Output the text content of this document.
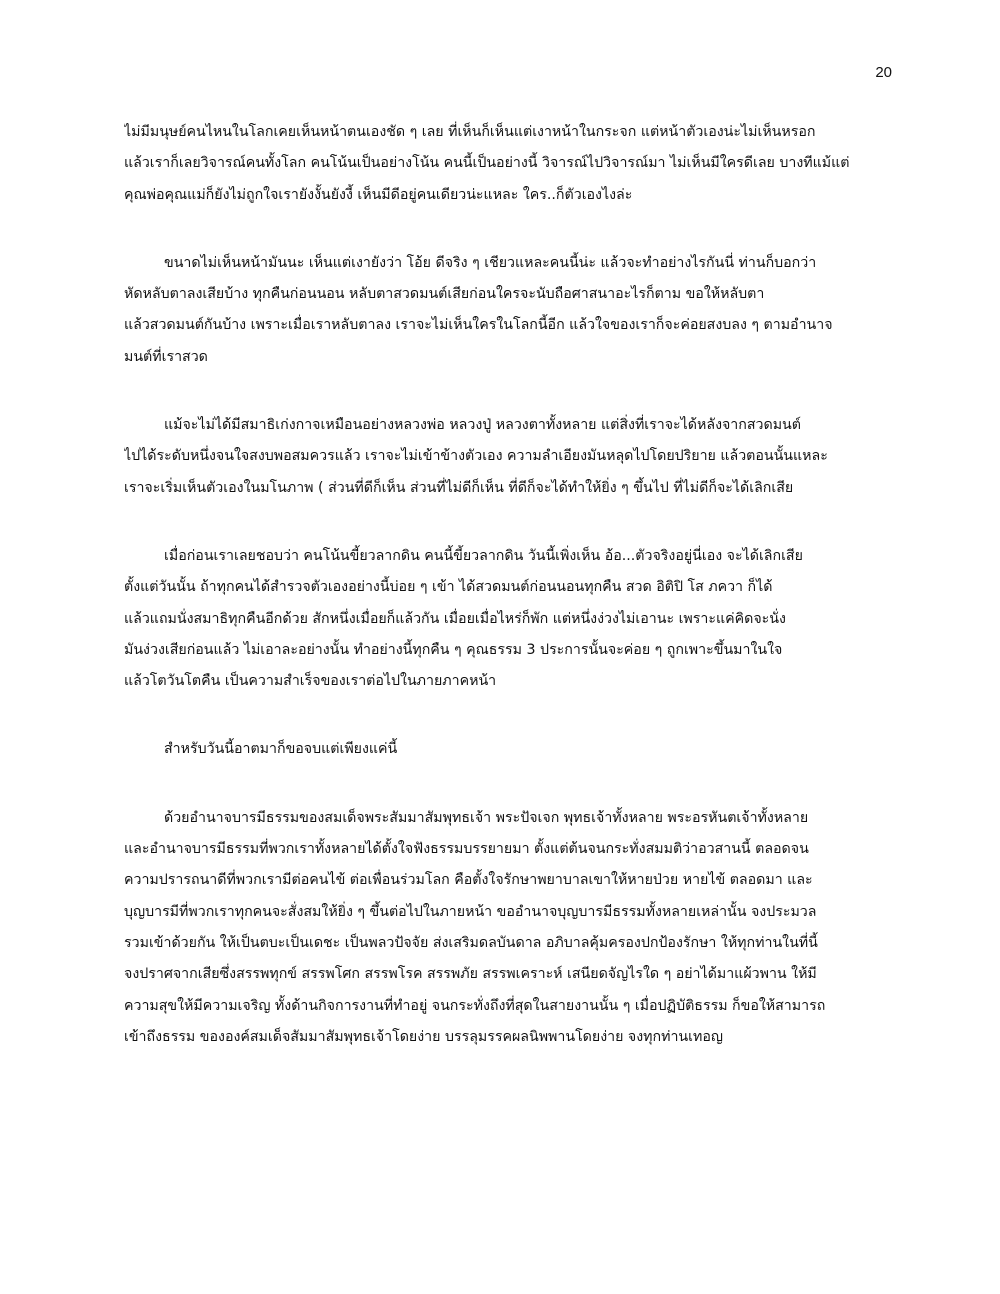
20
ไม่มีมนุษย์คนไหนในโลกเคยเห็นหน้าตนเองชัด ๆ เลย ที่เห็นก็เห็นแต่เงาหน้าในกระจก แต่หน้าตัวเองน่ะไม่เห็นหรอก
แล้วเราก็เลยวิจารณ์คนทั้งโลก คนโน้นเป็นอย่างโน้น คนนี้เป็นอย่างนี้ วิจารณ์ไปวิจารณ์มา ไม่เห็นมีใครดีเลย บางทีแม้แต่
คุณพ่อคุณแม่ก็ยังไม่ถูกใจเรายังงั้นยังงี้ เห็นมีดีอยู่คนเดียวน่ะแหละ ใคร..ก็ตัวเองไงล่ะ
ขนาดไม่เห็นหน้ามันนะ เห็นแต่เงายังว่า โอ้ย ดีจริง ๆ เชียวแหละคนนี้น่ะ แล้วจะทำอย่างไรกันนี่ ท่านก็บอกว่า
หัดหลับตาลงเสียบ้าง ทุกคืนก่อนนอน หลับตาสวดมนต์เสียก่อนใครจะนับถือศาสนาอะไรก็ตาม ขอให้หลับตา
แล้วสวดมนต์กันบ้าง เพราะเมื่อเราหลับตาลง เราจะไม่เห็นใครในโลกนี้อีก แล้วใจของเราก็จะค่อยสงบลง ๆ ตามอำนาจ
มนต์ที่เราสวด
แม้จะไม่ได้มีสมาธิเก่งกาจเหมือนอย่างหลวงพ่อ หลวงปู่ หลวงตาทั้งหลาย แต่สิ่งที่เราจะได้หลังจากสวดมนต์
ไปได้ระดับหนึ่งจนใจสงบพอสมควรแล้ว เราจะไม่เข้าข้างตัวเอง ความลำเอียงมันหลุดไปโดยปริยาย แล้วตอนนั้นแหละ
เราจะเริ่มเห็นตัวเองในมโนภาพ ( ส่วนที่ดีก็เห็น ส่วนที่ไม่ดีก็เห็น ที่ดีก็จะได้ทำให้ยิ่ง ๆ ขึ้นไป ที่ไม่ดีก็จะได้เลิกเสีย
เมื่อก่อนเราเลยชอบว่า คนโน้นขี้ยวลากดิน คนนี้ขี้ยวลากดิน วันนี้เพิ่งเห็น อ้อ...ตัวจริงอยู่นี่เอง จะได้เลิกเสีย
ตั้งแต่วันนั้น ถ้าทุกคนได้สำรวจตัวเองอย่างนี้บ่อย ๆ เข้า ได้สวดมนต์ก่อนนอนทุกคืน สวด อิติปิ โส ภควา ก็ได้
แล้วแถมนั่งสมาธิทุกคืนอีกด้วย สักหนึ่งเมื่อยก็แล้วกัน เมื่อยเมื่อไหร่ก็พัก แต่หนึ่งง่วงไม่เอานะ เพราะแค่คิดจะนั่ง
มันง่วงเสียก่อนแล้ว ไม่เอาละอย่างนั้น ทำอย่างนี้ทุกคืน ๆ คุณธรรม 3 ประการนั้นจะค่อย ๆ ถูกเพาะขึ้นมาในใจ
แล้วโตวันโตคืน เป็นความสำเร็จของเราต่อไปในภายภาคหน้า
สำหรับวันนี้อาตมาก็ขอจบแต่เพียงแค่นี้
ด้วยอำนาจบารมีธรรมของสมเด็จพระสัมมาสัมพุทธเจ้า พระปัจเจก พุทธเจ้าทั้งหลาย พระอรหันตเจ้าทั้งหลาย
และอำนาจบารมีธรรมที่พวกเราทั้งหลายได้ตั้งใจฟังธรรมบรรยายมา ตั้งแต่ต้นจนกระทั่งสมมติว่าอวสานนี้ ตลอดจน
ความปรารถนาดีที่พวกเรามีต่อคนไข้ ต่อเพื่อนร่วมโลก คือตั้งใจรักษาพยาบาลเขาให้หายป่วย หายไข้ ตลอดมา และ
บุญบารมีที่พวกเราทุกคนจะสั่งสมให้ยิ่ง ๆ ขึ้นต่อไปในภายหน้า ขออำนาจบุญบารมีธรรมทั้งหลายเหล่านั้น จงประมวล
รวมเข้าด้วยกัน ให้เป็นตบะเป็นเดชะ เป็นพลวปัจจัย ส่งเสริมดลบันดาล อภิบาลคุ้มครองปกป้องรักษา ให้ทุกท่านในที่นี้
จงปราศจากเสียซึ่งสรรพทุกข์ สรรพโศก สรรพโรค สรรพภัย สรรพเคราะห์ เสนียดจัญไรใด ๆ อย่าได้มาแผ้วพาน ให้มี
ความสุขให้มีความเจริญ ทั้งด้านกิจการงานที่ทำอยู่ จนกระทั่งถึงที่สุดในสายงานนั้น ๆ เมื่อปฏิบัติธรรม ก็ขอให้สามารถ
เข้าถึงธรรม ขององค์สมเด็จสัมมาสัมพุทธเจ้าโดยง่าย บรรลุมรรคผลนิพพานโดยง่าย จงทุกท่านเทอญ
